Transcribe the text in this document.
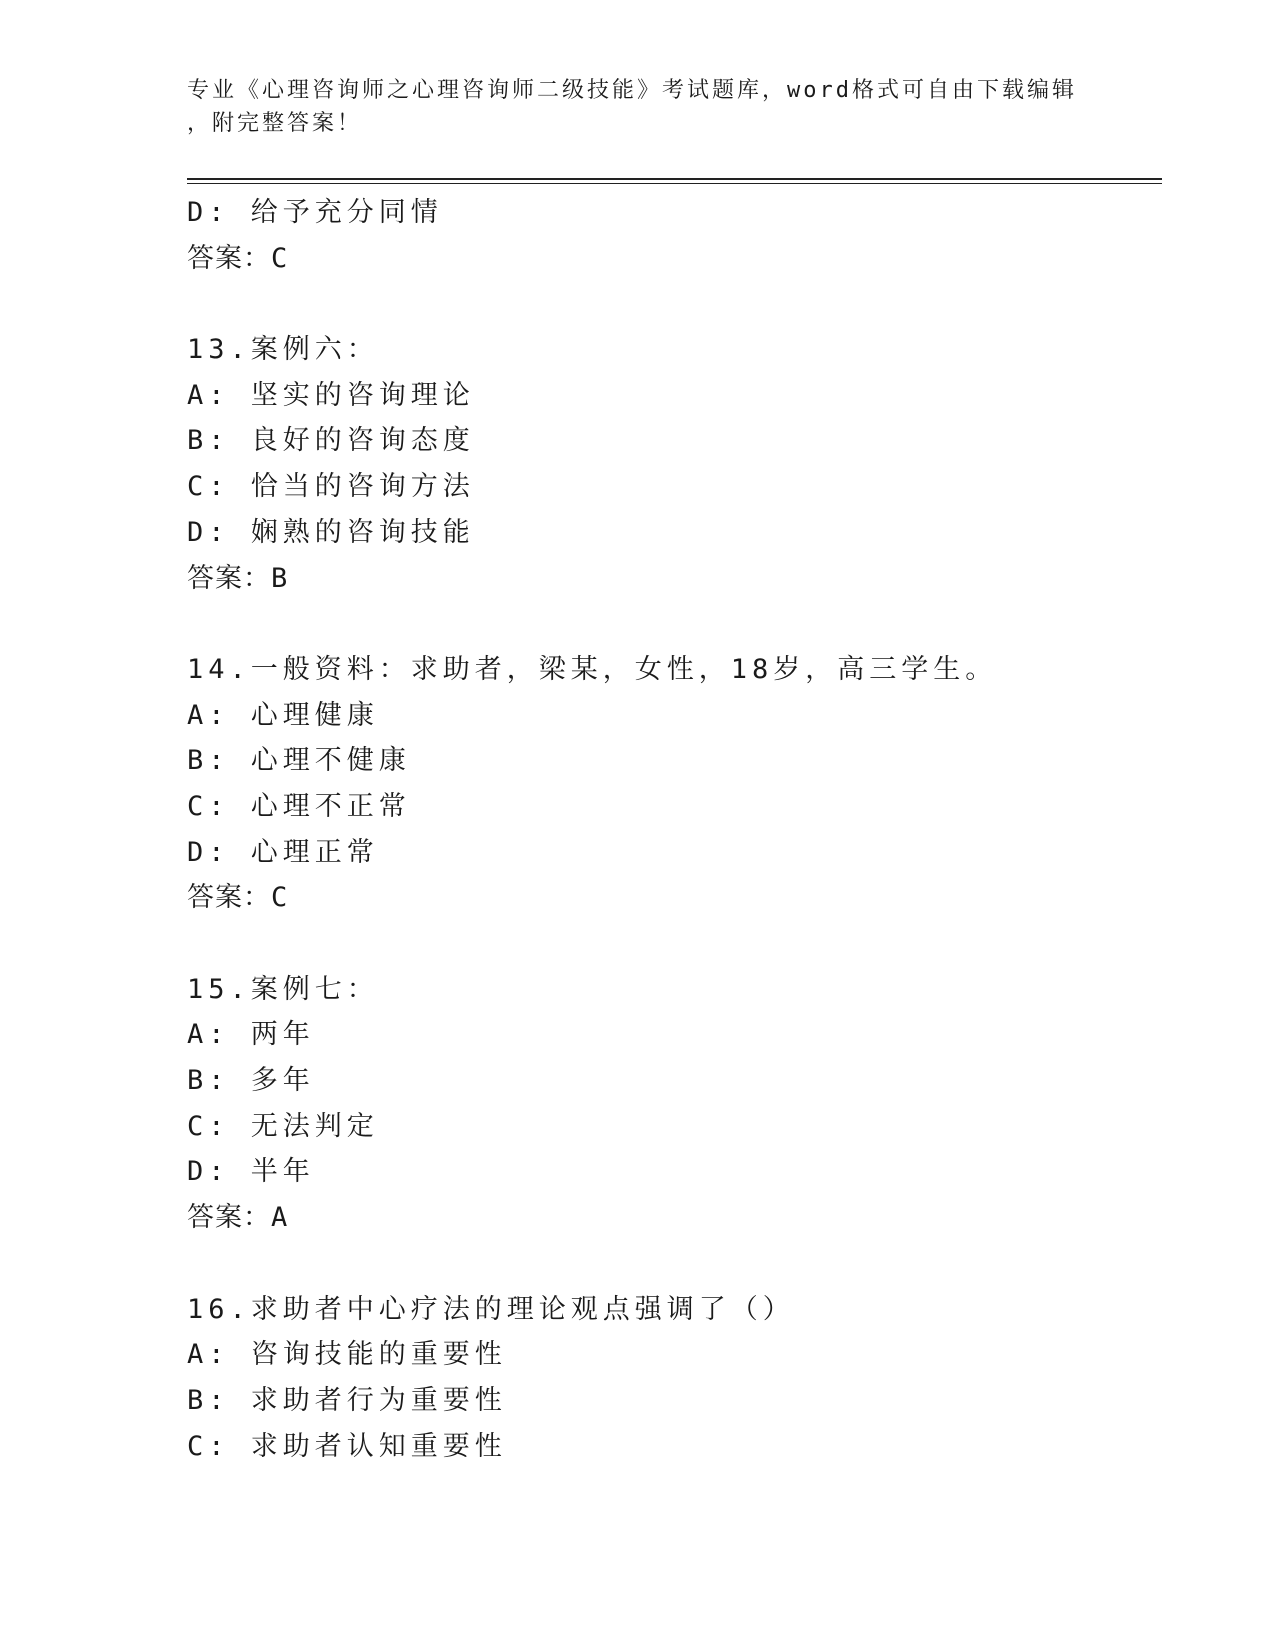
专业《心理咨询师之心理咨询师二级技能》考试题库，word格式可自由下载编辑
，附完整答案！
D: 给予充分同情
答案：C
13.案例六：
A: 坚实的咨询理论
B: 良好的咨询态度
C: 恰当的咨询方法
D: 娴熟的咨询技能
答案：B
14.一般资料：求助者，梁某，女性，18岁，高三学生。
A: 心理健康
B: 心理不健康
C: 心理不正常
D: 心理正常
答案：C
15.案例七：
A: 两年
B: 多年
C: 无法判定
D: 半年
答案：A
16.求助者中心疗法的理论观点强调了（）
A: 咨询技能的重要性
B: 求助者行为重要性
C: 求助者认知重要性
